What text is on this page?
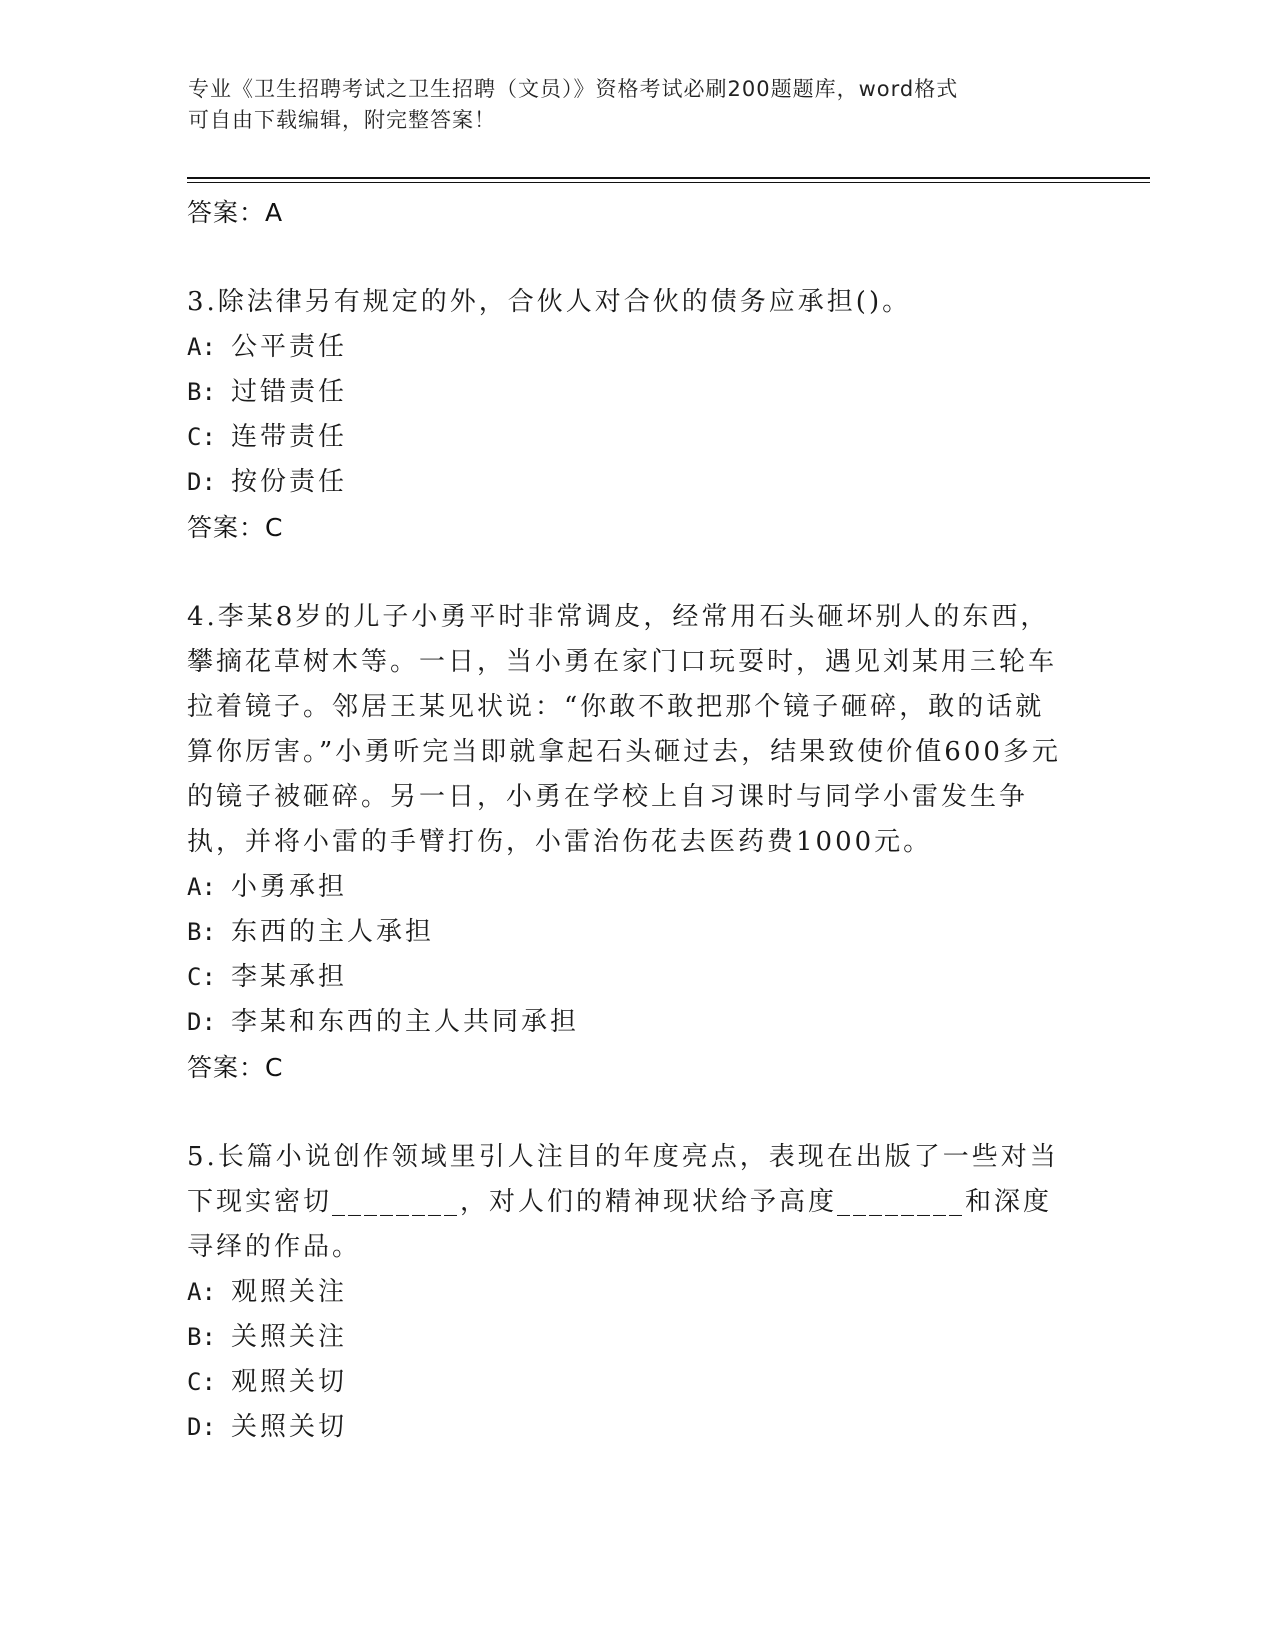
专业《卫生招聘考试之卫生招聘（文员）》资格考试必刷200题题库，word格式
可自由下载编辑，附完整答案！
答案：A
3.除法律另有规定的外，合伙人对合伙的债务应承担()。
A: 公平责任
B: 过错责任
C: 连带责任
D: 按份责任
答案：C
4.李某8岁的儿子小勇平时非常调皮，经常用石头砸坏别人的东西，攀摘花草树木等。一日，当小勇在家门口玩耍时，遇见刘某用三轮车拉着镜子。邻居王某见状说：“你敢不敢把那个镜子砸碎，敢的话就算你厉害。”小勇听完当即就拿起石头砸过去，结果致使价值600多元的镜子被砸碎。另一日，小勇在学校上自习课时与同学小雷发生争执，并将小雷的手臂打伤，小雷治伤花去医药费1000元。
A: 小勇承担
B: 东西的主人承担
C: 李某承担
D: 李某和东西的主人共同承担
答案：C
5.长篇小说创作领域里引人注目的年度亮点，表现在出版了一些对当下现实密切________，对人们的精神现状给予高度________和深度寻绎的作品。
A: 观照关注
B: 关照关注
C: 观照关切
D: 关照关切
